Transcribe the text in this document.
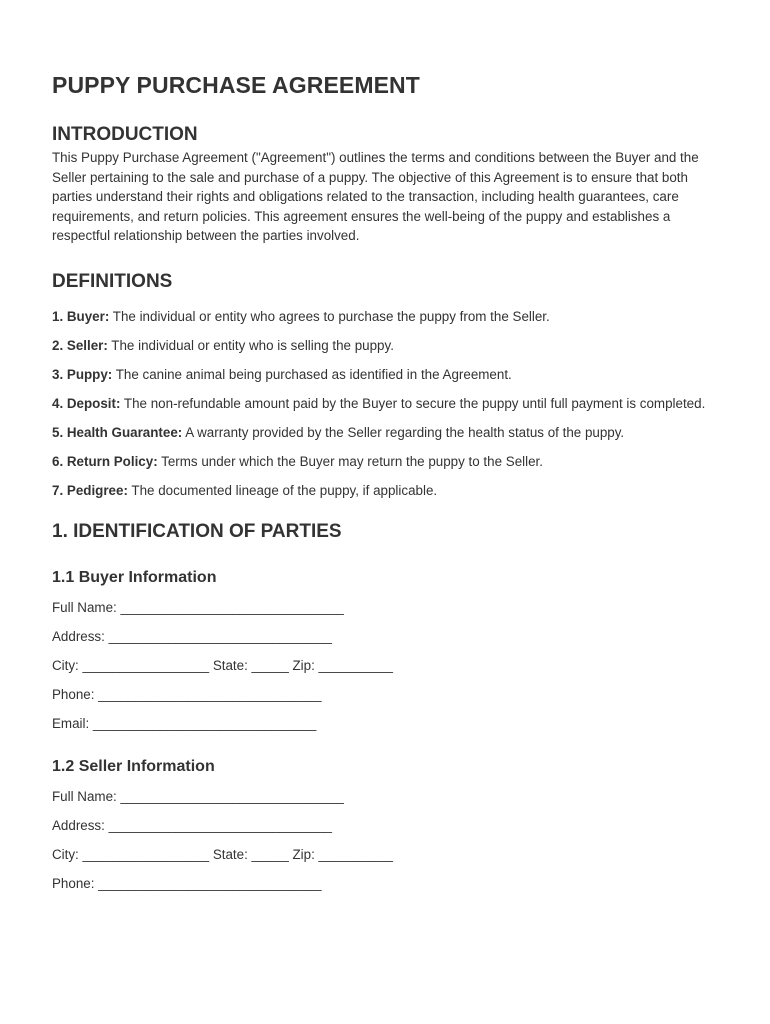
PUPPY PURCHASE AGREEMENT
INTRODUCTION

This Puppy Purchase Agreement ("Agreement") outlines the terms and conditions between the Buyer and the Seller pertaining to the sale and purchase of a puppy. The objective of this Agreement is to ensure that both parties understand their rights and obligations related to the transaction, including health guarantees, care requirements, and return policies. This agreement ensures the well-being of the puppy and establishes a respectful relationship between the parties involved.

DEFINITIONS
1. Buyer: The individual or entity who agrees to purchase the puppy from the Seller.
2. Seller: The individual or entity who is selling the puppy.
3. Puppy: The canine animal being purchased as identified in the Agreement.
4. Deposit: The non-refundable amount paid by the Buyer to secure the puppy until full payment is completed.
5. Health Guarantee: A warranty provided by the Seller regarding the health status of the puppy.
6. Return Policy: Terms under which the Buyer may return the puppy to the Seller.
7. Pedigree: The documented lineage of the puppy, if applicable.
1. IDENTIFICATION OF PARTIES
1.1 Buyer Information
Full Name: ______________________________
Address: ______________________________
City: _________________ State: _____ Zip: __________
Phone: ______________________________
Email: ______________________________
1.2 Seller Information
Full Name: ______________________________
Address: ______________________________
City: _________________ State: _____ Zip: __________
Phone: ______________________________
